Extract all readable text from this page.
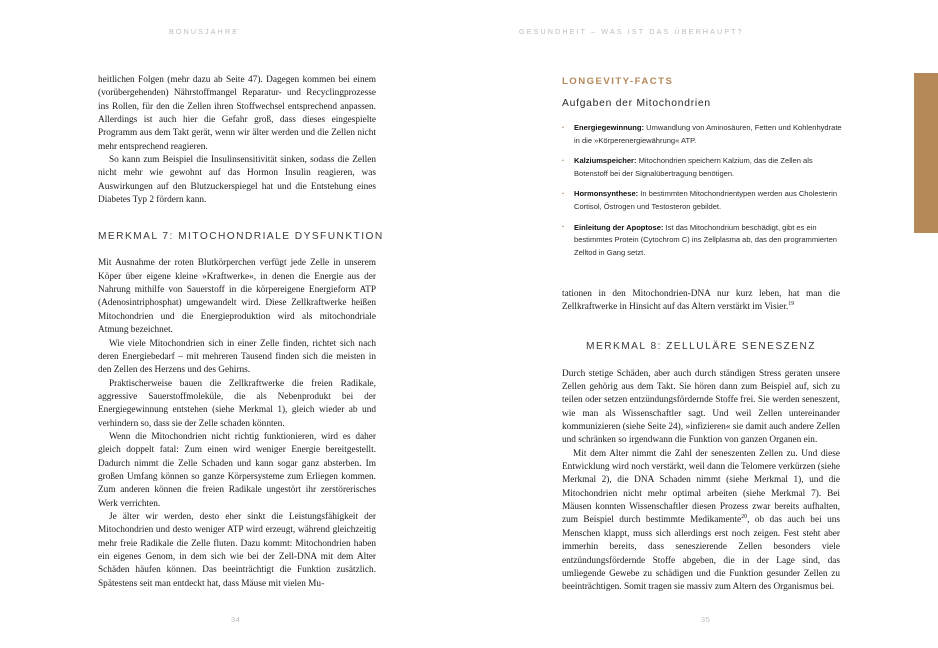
BONUSJAHRE

heitlichen Folgen (mehr dazu ab Seite 47). Dagegen kommen bei einem (vorübergehenden) Nährstoffmangel Reparatur- und Recyclingprozesse ins Rollen, für den die Zellen ihren Stoffwechsel entsprechend anpassen. Allerdings ist auch hier die Gefahr groß, dass dieses eingespielte Programm aus dem Takt gerät, wenn wir älter werden und die Zellen nicht mehr entsprechend reagieren.

So kann zum Beispiel die Insulinsensitivität sinken, sodass die Zellen nicht mehr wie gewohnt auf das Hormon Insulin reagieren, was Auswirkungen auf den Blutzuckerspiegel hat und die Entstehung eines Diabetes Typ 2 fördern kann.

MERKMAL 7: MITOCHONDRIALE DYSFUNKTION

Mit Ausnahme der roten Blutkörperchen verfügt jede Zelle in unserem Köper über eigene kleine »Kraftwerke«, in denen die Energie aus der Nahrung mithilfe von Sauerstoff in die körpereigene Energieform ATP (Adenosintriphosphat) umgewandelt wird. Diese Zellkraftwerke heißen Mitochondrien und die Energieproduktion wird als mitochondriale Atmung bezeichnet.

Wie viele Mitochondrien sich in einer Zelle finden, richtet sich nach deren Energiebedarf – mit mehreren Tausend finden sich die meisten in den Zellen des Herzens und des Gehirns.

Praktischerweise bauen die Zellkraftwerke die freien Radikale, aggressive Sauerstoffmoleküle, die als Nebenprodukt bei der Energiegewinnung entstehen (siehe Merkmal 1), gleich wieder ab und verhindern so, dass sie der Zelle schaden könnten.

Wenn die Mitochondrien nicht richtig funktionieren, wird es daher gleich doppelt fatal: Zum einen wird weniger Energie bereitgestellt. Dadurch nimmt die Zelle Schaden und kann sogar ganz absterben. Im großen Umfang können so ganze Körpersysteme zum Erliegen kommen. Zum anderen können die freien Radikale ungestört ihr zerstörerisches Werk verrichten.

Je älter wir werden, desto eher sinkt die Leistungsfähigkeit der Mitochondrien und desto weniger ATP wird erzeugt, während gleichzeitig mehr freie Radikale die Zelle fluten. Dazu kommt: Mitochondrien haben ein eigenes Genom, in dem sich wie bei der Zell-DNA mit dem Alter Schäden häufen können. Das beeinträchtigt die Funktion zusätzlich. Spätestens seit man entdeckt hat, dass Mäuse mit vielen Mu-

34
GESUNDHEIT – WAS IST DAS ÜBERHAUPT?
LONGEVITY-FACTS
Aufgaben der Mitochondrien
▪ Energiegewinnung: Umwandlung von Aminosäuren, Fetten und Kohlenhydrate in die »Körperenergiewährung« ATP.
▪ Kalziumspeicher: Mitochondrien speichern Kalzium, das die Zellen als Botenstoff bei der Signalübertragung benötigen.
▪ Hormonsynthese: In bestimmten Mitochondrientypen werden aus Cholesterin Cortisol, Östrogen und Testosteron gebildet.
▪ Einleitung der Apoptose: Ist das Mitochondrium beschädigt, gibt es ein bestimmtes Protein (Cytochrom C) ins Zellplasma ab, das den programmierten Zelltod in Gang setzt.

tationen in den Mitochondrien-DNA nur kurz leben, hat man die Zellkraftwerke in Hinsicht auf das Altern verstärkt im Visier.$^{19}$

MERKMAL 8: ZELLULÄRE SENESZENZ

Durch stetige Schäden, aber auch durch ständigen Stress geraten unsere Zellen gehörig aus dem Takt. Sie hören dann zum Beispiel auf, sich zu teilen oder setzen entzündungsfördernde Stoffe frei. Sie werden seneszent, wie man als Wissenschaftler sagt. Und weil Zellen untereinander kommunizieren (siehe Seite 24), »infizieren« sie damit auch andere Zellen und schränken so irgendwann die Funktion von ganzen Organen ein.

Mit dem Alter nimmt die Zahl der seneszenten Zellen zu. Und diese Entwicklung wird noch verstärkt, weil dann die Telomere verkürzen (siehe Merkmal 2), die DNA Schaden nimmt (siehe Merkmal 1), und die Mitochondrien nicht mehr optimal arbeiten (siehe Merkmal 7). Bei Mäusen konnten Wissenschaftler diesen Prozess zwar bereits aufhalten, zum Beispiel durch bestimmte Medikamente$^{20}$, ob das auch bei uns Menschen klappt, muss sich allerdings erst noch zeigen. Fest steht aber immerhin bereits, dass seneszierende Zellen besonders viele entzündungsfördernde Stoffe abgeben, die in der Lage sind, das umliegende Gewebe zu schädigen und die Funktion gesunder Zellen zu beeinträchtigen. Somit tragen sie massiv zum Altern des Organismus bei.

35
